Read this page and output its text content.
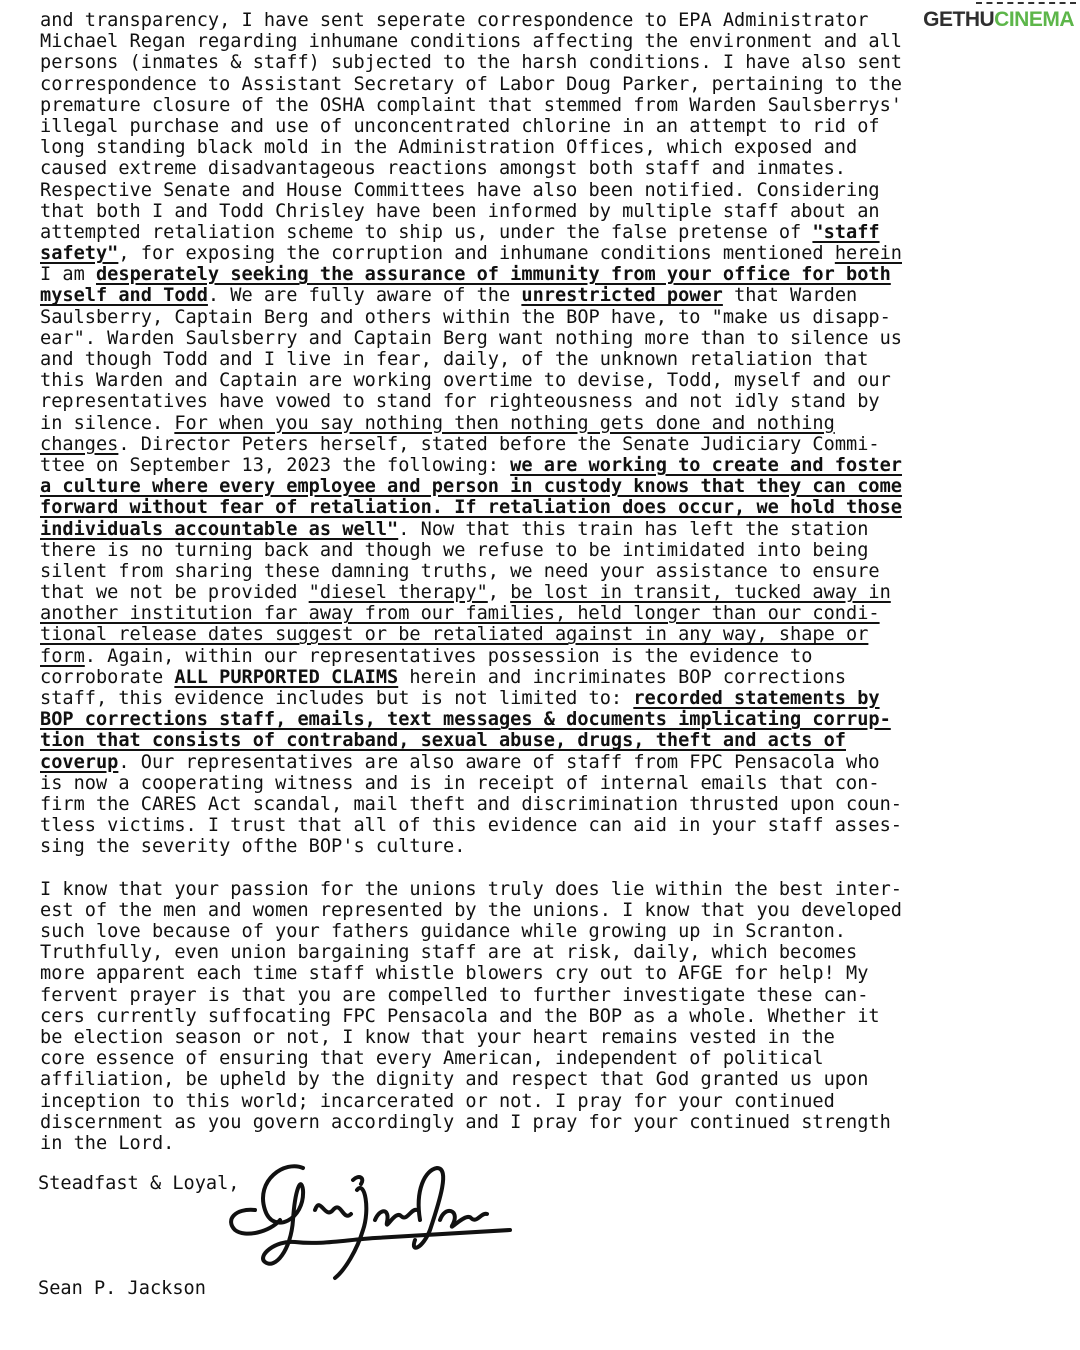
and transparency, I have sent seperate correspondence to EPA Administrator
Michael Regan regarding inhumane conditions affecting the environment and all
persons (inmates & staff) subjected to the harsh conditions. I have also sent
correspondence to Assistant Secretary of Labor Doug Parker, pertaining to the
premature closure of the OSHA complaint that stemmed from Warden Saulsberrys'
illegal purchase and use of unconcentrated chlorine in an attempt to rid of
long standing black mold in the Administration Offices, which exposed and
caused extreme disadvantageous reactions amongst both staff and inmates.
Respective Senate and House Committees have also been notified. Considering
that both I and Todd Chrisley have been informed by multiple staff about an
attempted retaliation scheme to ship us, under the false pretense of "staff
safety", for exposing the corruption and inhumane conditions mentioned herein
I am desperately seeking the assurance of immunity from your office for both
myself and Todd. We are fully aware of the unrestricted power that Warden
Saulsberry, Captain Berg and others within the BOP have, to "make us disapp-
ear". Warden Saulsberry and Captain Berg want nothing more than to silence us
and though Todd and I live in fear, daily, of the unknown retaliation that
this Warden and Captain are working overtime to devise, Todd, myself and our
representatives have vowed to stand for righteousness and not idly stand by
in silence. For when you say nothing then nothing gets done and nothing
changes. Director Peters herself, stated before the Senate Judiciary Commi-
ttee on September 13, 2023 the following: we are working to create and foster
a culture where every employee and person in custody knows that they can come
forward without fear of retaliation. If retaliation does occur, we hold those
individuals accountable as well". Now that this train has left the station
there is no turning back and though we refuse to be intimidated into being
silent from sharing these damning truths, we need your assistance to ensure
that we not be provided "diesel therapy", be lost in transit, tucked away in
another institution far away from our families, held longer than our condi-
tional release dates suggest or be retaliated against in any way, shape or
form. Again, within our representatives possession is the evidence to
corroborate ALL PURPORTED CLAIMS herein and incriminates BOP corrections
staff, this evidence includes but is not limited to: recorded statements by
BOP corrections staff, emails, text messages & documents implicating corrup-
tion that consists of contraband, sexual abuse, drugs, theft and acts of
coverup. Our representatives are also aware of staff from FPC Pensacola who
is now a cooperating witness and is in receipt of internal emails that con-
firm the CARES Act scandal, mail theft and discrimination thrusted upon coun-
tless victims. I trust that all of this evidence can aid in your staff asses-
sing the severity ofthe BOP's culture.
I know that your passion for the unions truly does lie within the best inter-
est of the men and women represented by the unions. I know that you developed
such love because of your fathers guidance while growing up in Scranton.
Truthfully, even union bargaining staff are at risk, daily, which becomes
more apparent each time staff whistle blowers cry out to AFGE for help! My
fervent prayer is that you are compelled to further investigate these can-
cers currently suffocating FPC Pensacola and the BOP as a whole. Whether it
be election season or not, I know that your heart remains vested in the
core essence of ensuring that every American, independent of political
affiliation, be upheld by the dignity and respect that God granted us upon
inception to this world; incarcerated or not. I pray for your continued
discernment as you govern accordingly and I pray for your continued strength
in the Lord.
Steadfast & Loyal,
Sean P. Jackson
GETHUCINEMA
